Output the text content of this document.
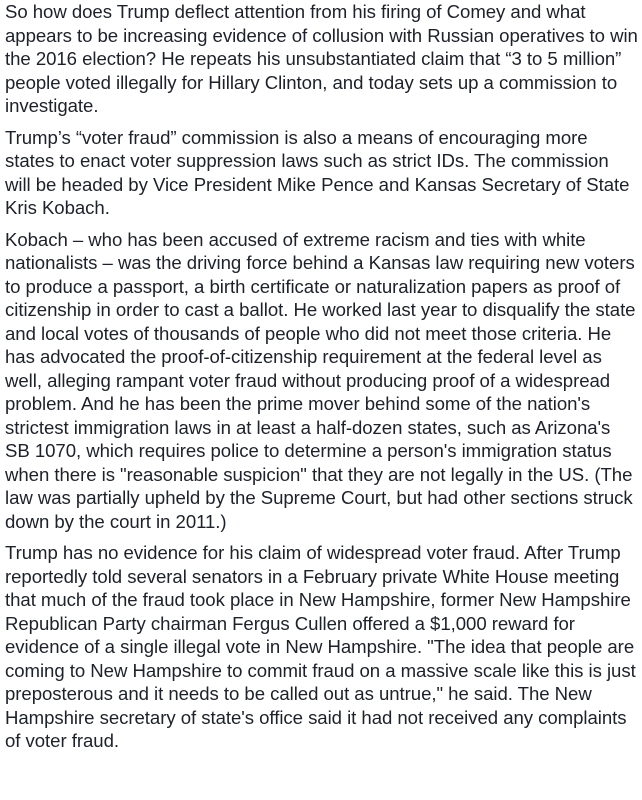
So how does Trump deflect attention from his firing of Comey and what appears to be increasing evidence of collusion with Russian operatives to win the 2016 election? He repeats his unsubstantiated claim that “3 to 5 million” people voted illegally for Hillary Clinton, and today sets up a commission to investigate.

Trump’s “voter fraud” commission is also a means of encouraging more states to enact voter suppression laws such as strict IDs. The commission will be headed by Vice President Mike Pence and Kansas Secretary of State Kris Kobach.

Kobach – who has been accused of extreme racism and ties with white nationalists – was the driving force behind a Kansas law requiring new voters to produce a passport, a birth certificate or naturalization papers as proof of citizenship in order to cast a ballot. He worked last year to disqualify the state and local votes of thousands of people who did not meet those criteria. He has advocated the proof-of-citizenship requirement at the federal level as well, alleging rampant voter fraud without producing proof of a widespread problem. And he has been the prime mover behind some of the nation's strictest immigration laws in at least a half-dozen states, such as Arizona's SB 1070, which requires police to determine a person's immigration status when there is "reasonable suspicion" that they are not legally in the US. (The law was partially upheld by the Supreme Court, but had other sections struck down by the court in 2011.)

Trump has no evidence for his claim of widespread voter fraud. After Trump reportedly told several senators in a February private White House meeting that much of the fraud took place in New Hampshire, former New Hampshire Republican Party chairman Fergus Cullen offered a $1,000 reward for evidence of a single illegal vote in New Hampshire. "The idea that people are coming to New Hampshire to commit fraud on a massive scale like this is just preposterous and it needs to be called out as untrue," he said. The New Hampshire secretary of state's office said it had not received any complaints of voter fraud.
